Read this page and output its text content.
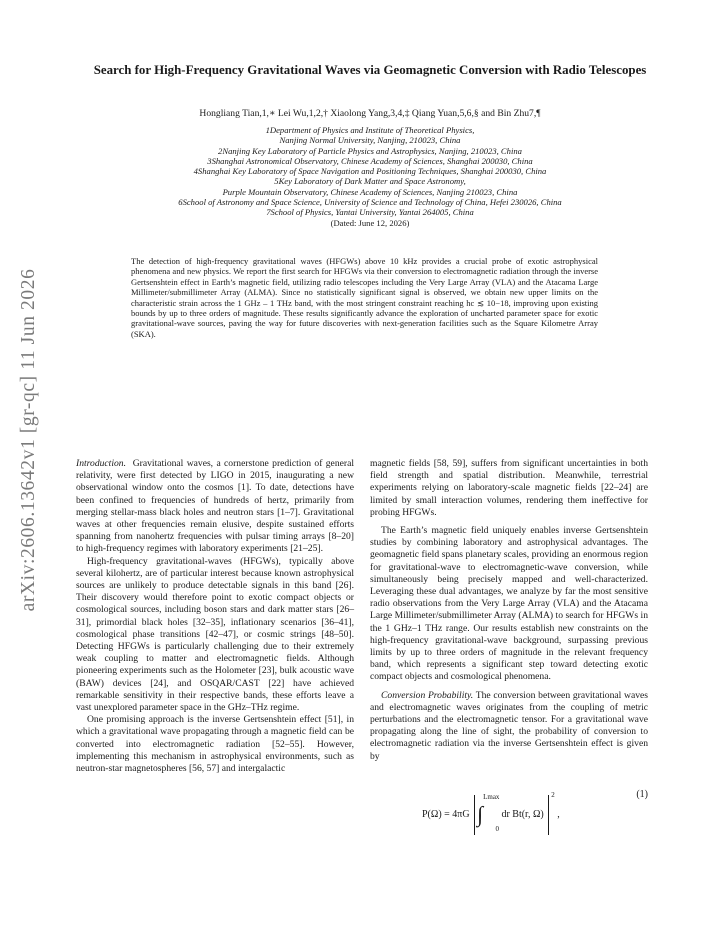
arXiv:2606.13642v1 [gr-qc] 11 Jun 2026
Search for High-Frequency Gravitational Waves via Geomagnetic Conversion with Radio Telescopes
Hongliang Tian,1,∗ Lei Wu,1,2,† Xiaolong Yang,3,4,‡ Qiang Yuan,5,6,§ and Bin Zhu7,¶
1Department of Physics and Institute of Theoretical Physics,
Nanjing Normal University, Nanjing, 210023, China
2Nanjing Key Laboratory of Particle Physics and Astrophysics, Nanjing, 210023, China
3Shanghai Astronomical Observatory, Chinese Academy of Sciences, Shanghai 200030, China
4Shanghai Key Laboratory of Space Navigation and Positioning Techniques, Shanghai 200030, China
5Key Laboratory of Dark Matter and Space Astronomy,
Purple Mountain Observatory, Chinese Academy of Sciences, Nanjing 210023, China
6School of Astronomy and Space Science, University of Science and Technology of China, Hefei 230026, China
7School of Physics, Yantai University, Yantai 264005, China
(Dated: June 12, 2026)
The detection of high-frequency gravitational waves (HFGWs) above 10 kHz provides a crucial probe of exotic astrophysical phenomena and new physics. We report the first search for HFGWs via their conversion to electromagnetic radiation through the inverse Gertsenshtein effect in Earth’s magnetic field, utilizing radio telescopes including the Very Large Array (VLA) and the Atacama Large Millimeter/submillimeter Array (ALMA). Since no statistically significant signal is observed, we obtain new upper limits on the characteristic strain across the 1 GHz – 1 THz band, with the most stringent constraint reaching hc ≲ 10−18, improving upon existing bounds by up to three orders of magnitude. These results significantly advance the exploration of uncharted parameter space for exotic gravitational-wave sources, paving the way for future discoveries with next-generation facilities such as the Square Kilometre Array (SKA).

Introduction. Gravitational waves, a cornerstone prediction of general relativity, were first detected by LIGO in 2015, inaugurating a new observational window onto the cosmos [1]. To date, detections have been confined to frequencies of hundreds of hertz, primarily from merging stellar-mass black holes and neutron stars [1–7]. Gravitational waves at other frequencies remain elusive, despite sustained efforts spanning from nanohertz frequencies with pulsar timing arrays [8–20] to high-frequency regimes with laboratory experiments [21–25].

High-frequency gravitational-waves (HFGWs), typically above several kilohertz, are of particular interest because known astrophysical sources are unlikely to produce detectable signals in this band [26]. Their discovery would therefore point to exotic compact objects or cosmological sources, including boson stars and dark matter stars [26–31], primordial black holes [32–35], inflationary scenarios [36–41], cosmological phase transitions [42–47], or cosmic strings [48–50]. Detecting HFGWs is particularly challenging due to their extremely weak coupling to matter and electromagnetic fields. Although pioneering experiments such as the Holometer [23], bulk acoustic wave (BAW) devices [24], and OSQAR/CAST [22] have achieved remarkable sensitivity in their respective bands, these efforts leave a vast unexplored parameter space in the GHz–THz regime.

One promising approach is the inverse Gertsenshtein effect [51], in which a gravitational wave propagating through a magnetic field can be converted into electromagnetic radiation [52–55]. However, implementing this mechanism in astrophysical environments, such as neutron-star magnetospheres [56, 57] and intergalactic

magnetic fields [58, 59], suffers from significant uncertainties in both field strength and spatial distribution. Meanwhile, terrestrial experiments relying on laboratory-scale magnetic fields [22–24] are limited by small interaction volumes, rendering them ineffective for probing HFGWs.

The Earth’s magnetic field uniquely enables inverse Gertsenshtein studies by combining laboratory and astrophysical advantages. The geomagnetic field spans planetary scales, providing an enormous region for gravitational-wave to electromagnetic-wave conversion, while simultaneously being precisely mapped and well-characterized. Leveraging these dual advantages, we analyze by far the most sensitive radio observations from the Very Large Array (VLA) and the Atacama Large Millimeter/submillimeter Array (ALMA) to search for HFGWs in the 1 GHz–1 THz range. Our results establish new constraints on the high-frequency gravitational-wave background, surpassing previous limits by up to three orders of magnitude in the relevant frequency band, which represents a significant step toward detecting exotic compact objects and cosmological phenomena.

Conversion Probability. The conversion between gravitational waves and electromagnetic waves originates from the coupling of metric perturbations and the electromagnetic tensor. For a gravitational wave propagating along the line of sight, the probability of conversion to electromagnetic radiation via the inverse Gertsenshtein effect is given by

P(Ω) = 4πG ∫$^{Lmax}_0$ dr Bt(r, Ω) $^2$ ,
(1)
